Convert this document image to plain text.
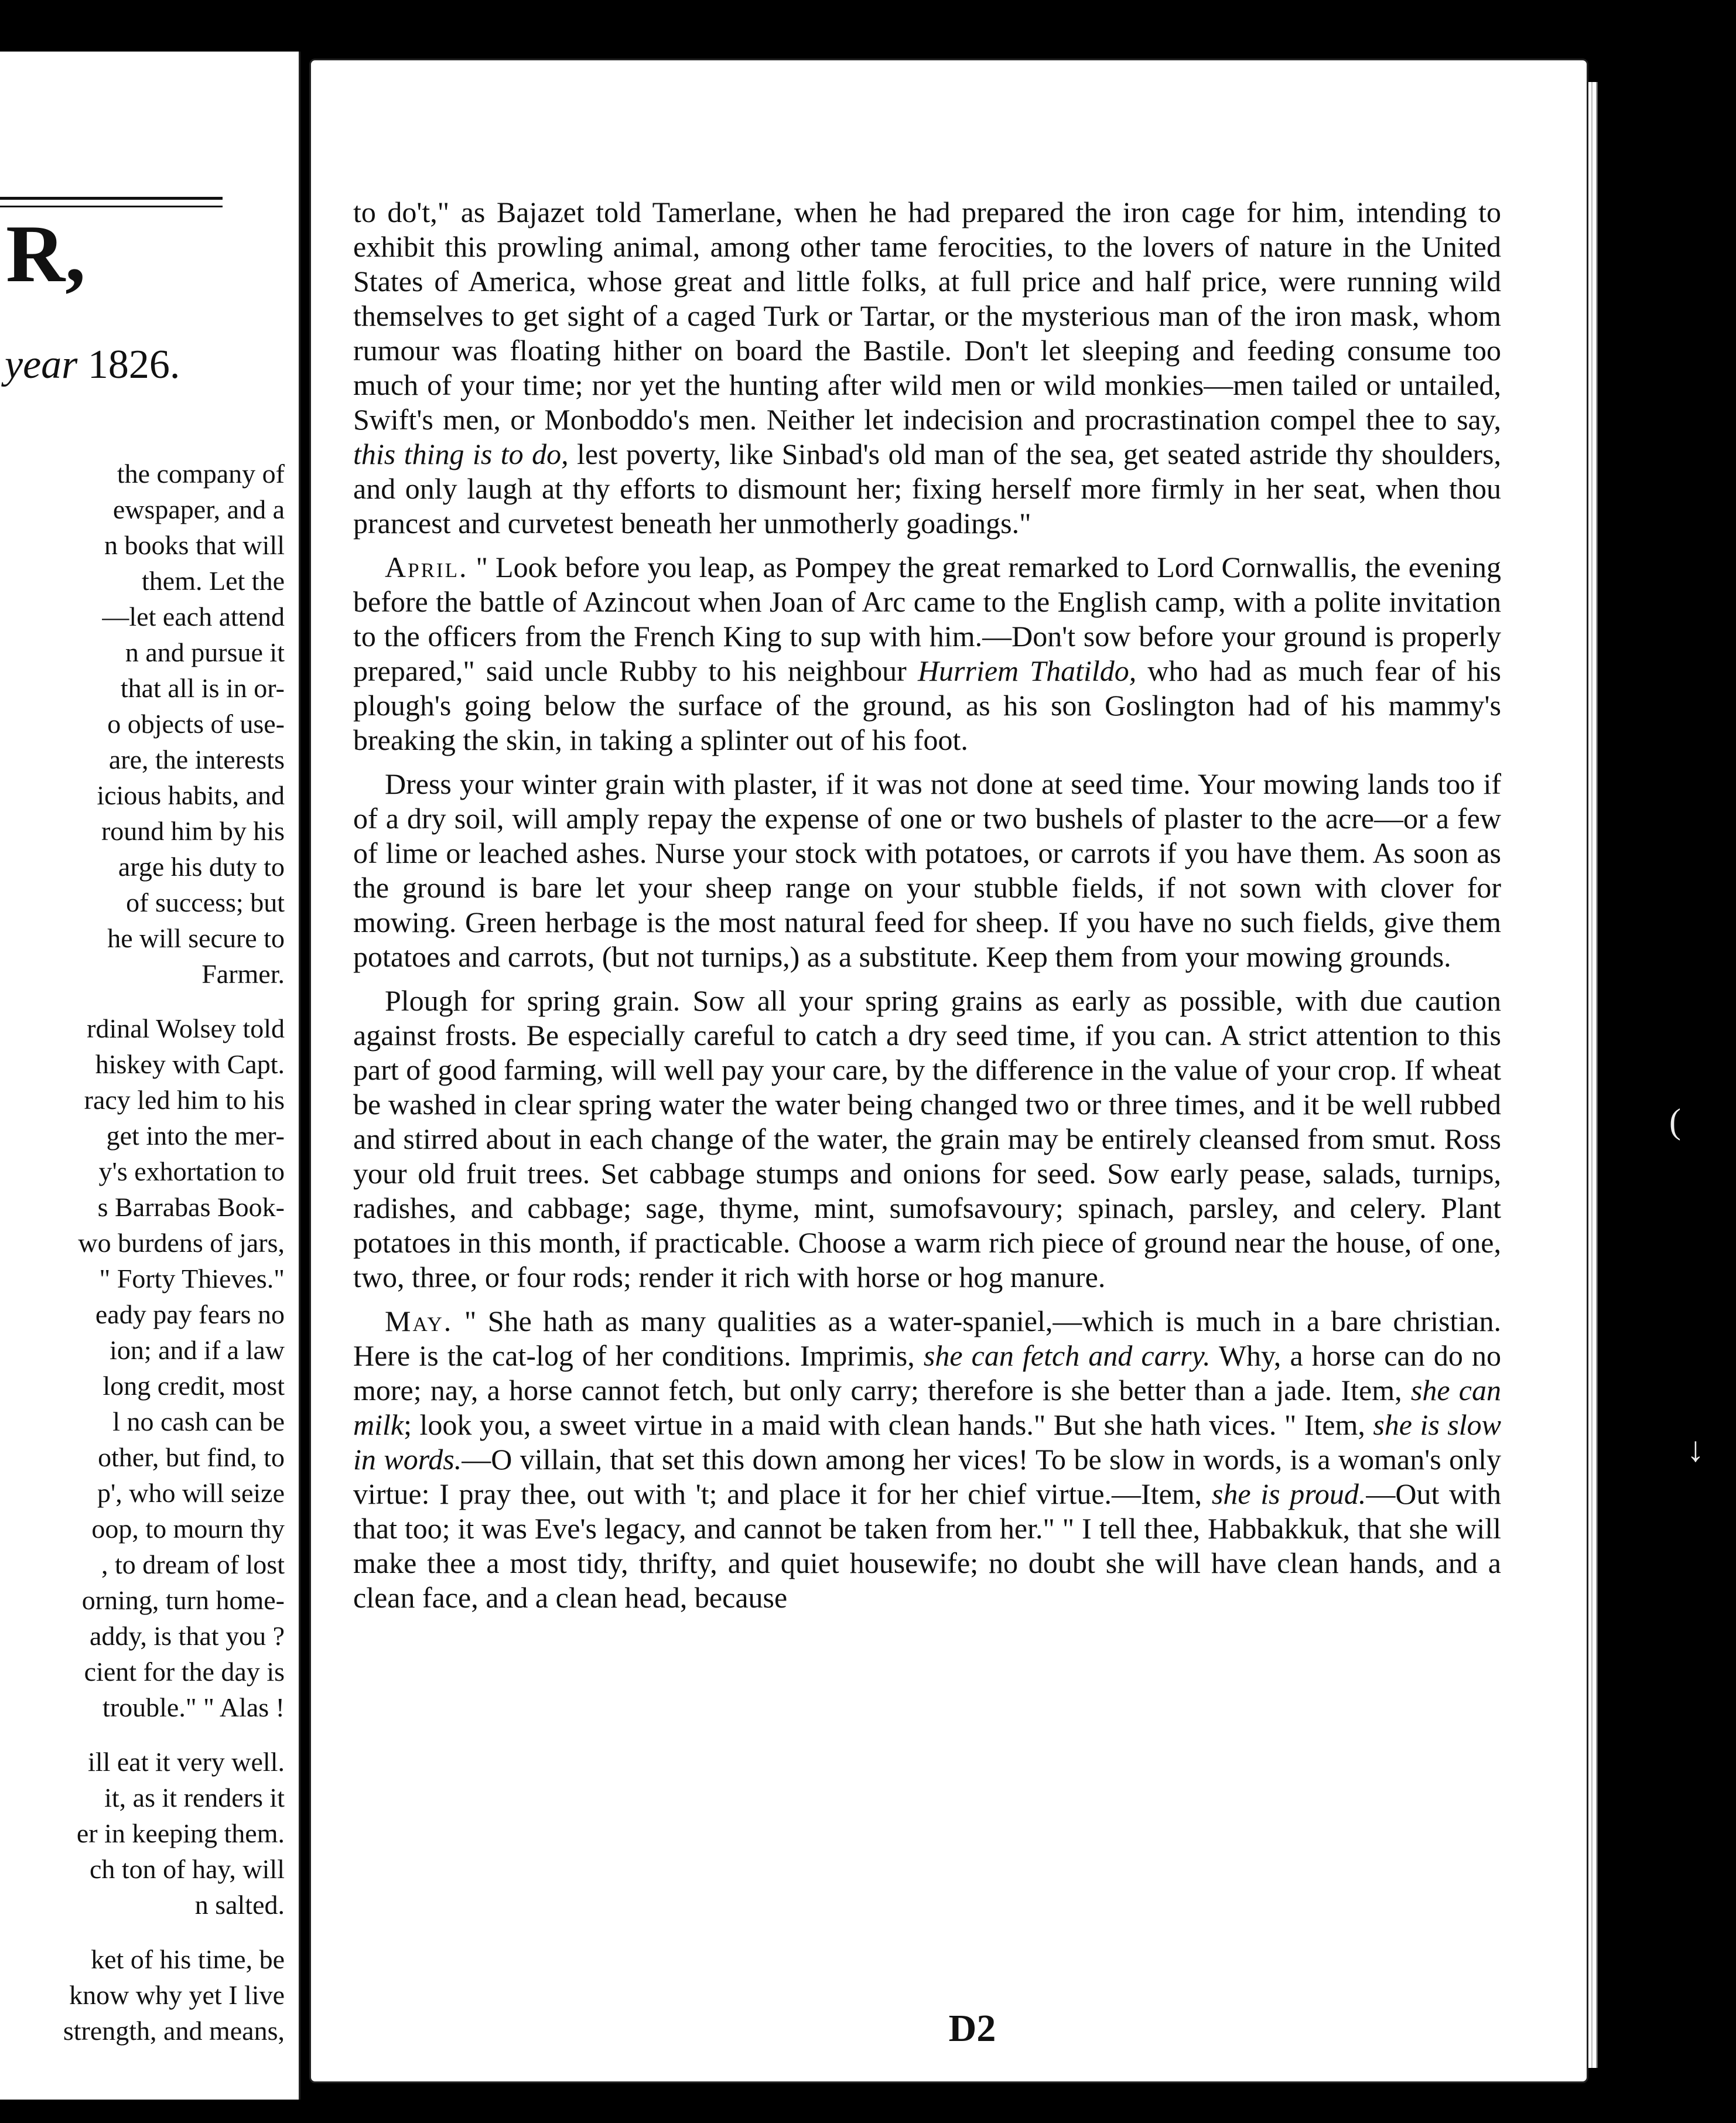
R,
year 1826.
the company of
ewspaper, and a
n books that will
them. Let the
—let each attend
n and pursue it
that all is in or-
o objects of use-
are, the interests
icious habits, and
round him by his
arge his duty to
of success; but
he will secure to
Farmer.
rdinal Wolsey told
hiskey with Capt.
racy led him to his
get into the mer-
y's exhortation to
s Barrabas Book-
wo burdens of jars,
" Forty Thieves."
eady pay fears no
ion; and if a law
long credit, most
l no cash can be
other, but find, to
p', who will seize
oop, to mourn thy
, to dream of lost
orning, turn home-
addy, is that you ?
cient for the day is
trouble." " Alas !
ill eat it very well.
it, as it renders it
er in keeping them.
ch ton of hay, will
n salted.
ket of his time, be
know why yet I live
strength, and means,

to do't," as Bajazet told Tamerlane, when he had prepared the iron cage for him, intending to exhibit this prowling animal, among other tame ferocities, to the lovers of nature in the United States of America, whose great and little folks, at full price and half price, were running wild themselves to get sight of a caged Turk or Tartar, or the mysterious man of the iron mask, whom rumour was floating hither on board the Bastile. Don't let sleeping and feeding consume too much of your time; nor yet the hunting after wild men or wild monkies—men tailed or untailed, Swift's men, or Monboddo's men. Neither let indecision and procrastination compel thee to say, this thing is to do, lest poverty, like Sinbad's old man of the sea, get seated astride thy shoulders, and only laugh at thy efforts to dismount her; fixing herself more firmly in her seat, when thou prancest and curvetest beneath her unmotherly goadings."

April. " Look before you leap, as Pompey the great remarked to Lord Cornwallis, the evening before the battle of Azincout when Joan of Arc came to the English camp, with a polite invitation to the officers from the French King to sup with him.—Don't sow before your ground is properly prepared," said uncle Rubby to his neighbour Hurriem Thatildo, who had as much fear of his plough's going below the surface of the ground, as his son Goslington had of his mammy's breaking the skin, in taking a splinter out of his foot.

Dress your winter grain with plaster, if it was not done at seed time. Your mowing lands too if of a dry soil, will amply repay the expense of one or two bushels of plaster to the acre—or a few of lime or leached ashes. Nurse your stock with potatoes, or carrots if you have them. As soon as the ground is bare let your sheep range on your stubble fields, if not sown with clover for mowing. Green herbage is the most natural feed for sheep. If you have no such fields, give them potatoes and carrots, (but not turnips,) as a substitute. Keep them from your mowing grounds.

Plough for spring grain. Sow all your spring grains as early as possible, with due caution against frosts. Be especially careful to catch a dry seed time, if you can. A strict attention to this part of good farming, will well pay your care, by the difference in the value of your crop. If wheat be washed in clear spring water the water being changed two or three times, and it be well rubbed and stirred about in each change of the water, the grain may be entirely cleansed from smut. Ross your old fruit trees. Set cabbage stumps and onions for seed. Sow early pease, salads, turnips, radishes, and cabbage; sage, thyme, mint, sumofsavoury; spinach, parsley, and celery. Plant potatoes in this month, if practicable. Choose a warm rich piece of ground near the house, of one, two, three, or four rods; render it rich with horse or hog manure.

May. " She hath as many qualities as a water-spaniel,—which is much in a bare christian. Here is the cat-log of her conditions. Imprimis, she can fetch and carry. Why, a horse can do no more; nay, a horse cannot fetch, but only carry; therefore is she better than a jade. Item, she can milk; look you, a sweet virtue in a maid with clean hands." But she hath vices. " Item, she is slow in words.—O villain, that set this down among her vices! To be slow in words, is a woman's only virtue: I pray thee, out with 't; and place it for her chief virtue.—Item, she is proud.—Out with that too; it was Eve's legacy, and cannot be taken from her." " I tell thee, Habbakkuk, that she will make thee a most tidy, thrifty, and quiet housewife; no doubt she will have clean hands, and a clean face, and a clean head, because

D2
(
↓
